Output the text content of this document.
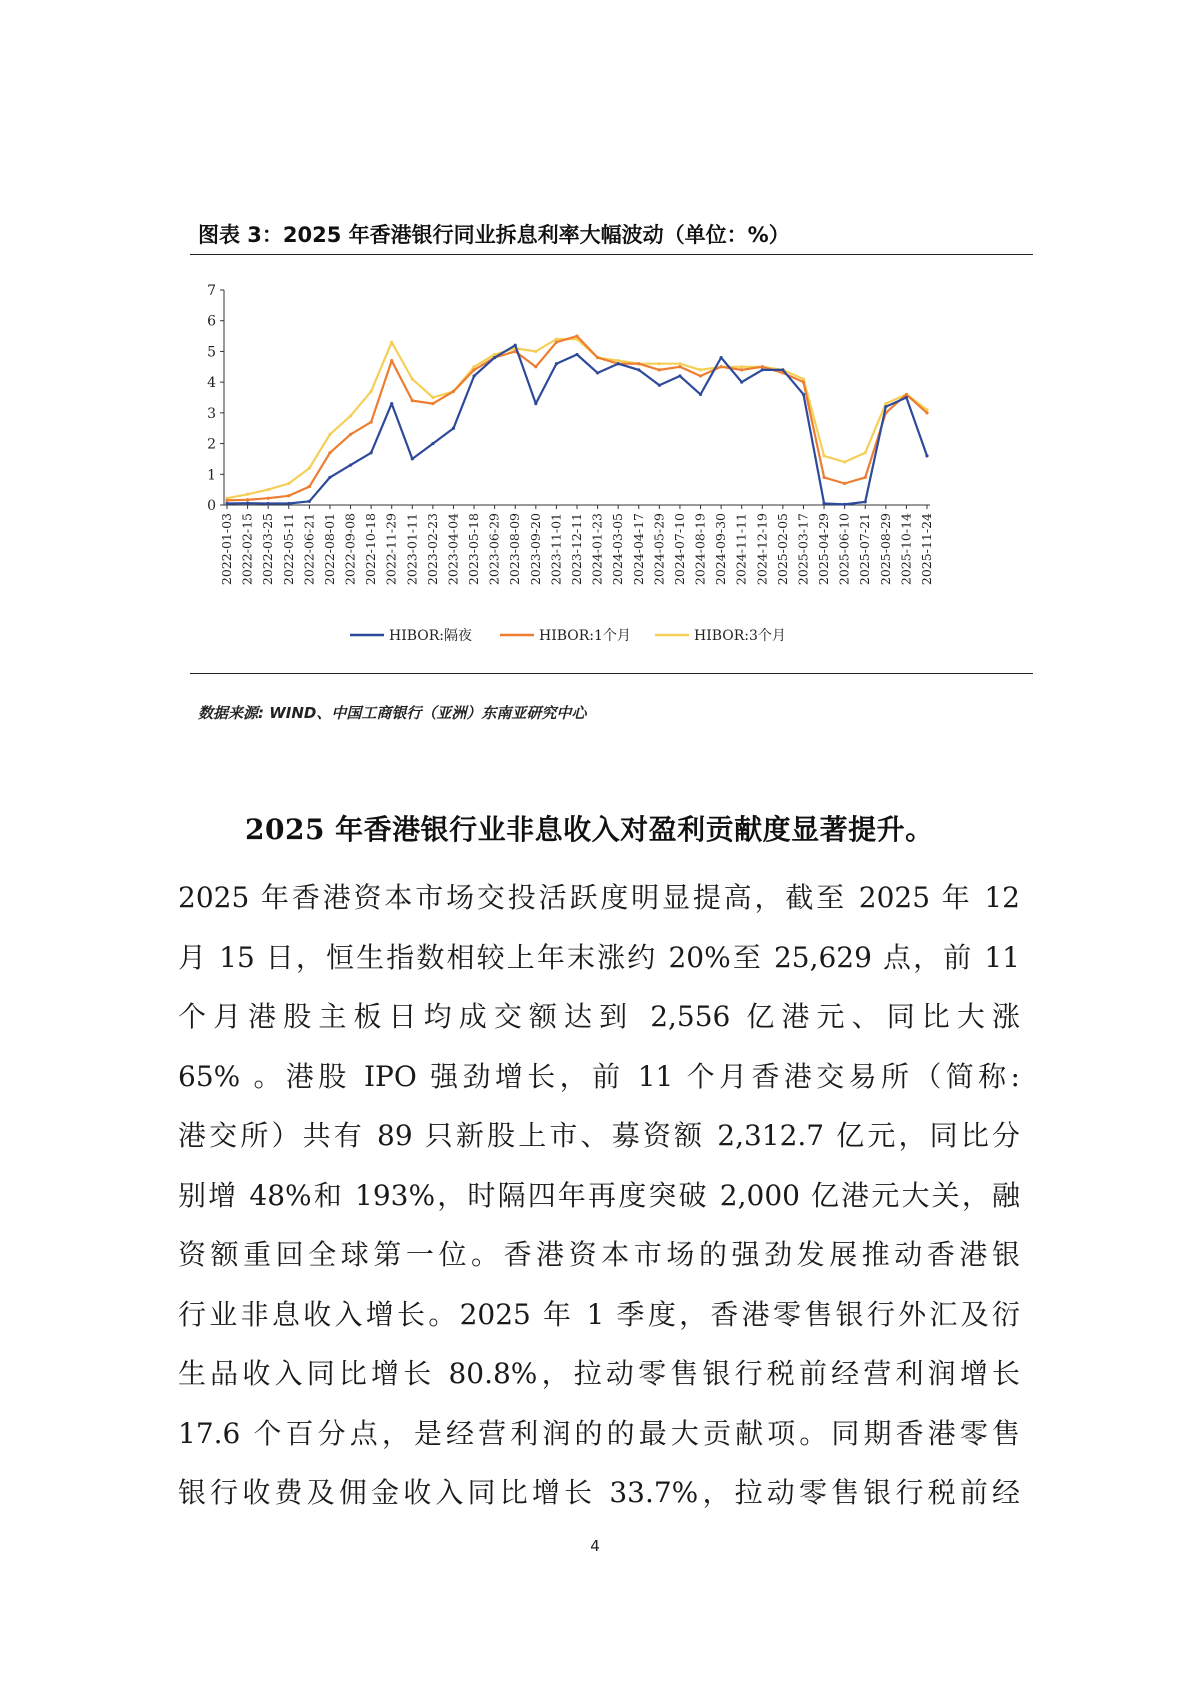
图表 3：2025 年香港银行同业拆息利率大幅波动（单位：%）
0
1
2
3
4
5
6
7
2022-01-03 2022-02-15 2022-03-25 2022-05-11 2022-06-21 2022-08-01 2022-09-08 2022-10-18 2022-11-29 2023-01-11 2023-02-23 2023-04-04 2023-05-18 2023-06-29 2023-08-09 2023-09-20 2023-11-01 2023-12-11 2024-01-23 2024-03-05 2024-04-17 2024-05-29 2024-07-10 2024-08-19 2024-09-30 2024-11-11 2024-12-19 2025-02-05 2025-03-17 2025-04-29 2025-06-10 2025-07-21 2025-08-29 2025-10-14 2025-11-24
HIBOR:隔夜	HIBOR:1个月	HIBOR:3个月
数据来源: WIND、中国工商银行（亚洲）东南亚研究中心
2025 年香港银行业非息收入对盈利贡献度显著提升。
2025 年香港资本市场交投活跃度明显提高，截至 2025 年 12
月 15 日，恒生指数相较上年末涨约 20%至 25,629 点，前 11
个月港股主板日均成交额达到 2,556 亿港元、同比大涨
65% 。港股 IPO 强劲增长，前 11 个月香港交易所（简称:
港交所）共有 89 只新股上市、募资额 2,312.7 亿元，同比分
别增 48%和 193%，时隔四年再度突破 2,000 亿港元大关，融
资额重回全球第一位。香港资本市场的强劲发展推动香港银
行业非息收入增长。2025 年 1 季度，香港零售银行外汇及衍
生品收入同比增长 80.8%，拉动零售银行税前经营利润增长
17.6 个百分点，是经营利润的的最大贡献项。同期香港零售
银行收费及佣金收入同比增长 33.7%，拉动零售银行税前经
4
